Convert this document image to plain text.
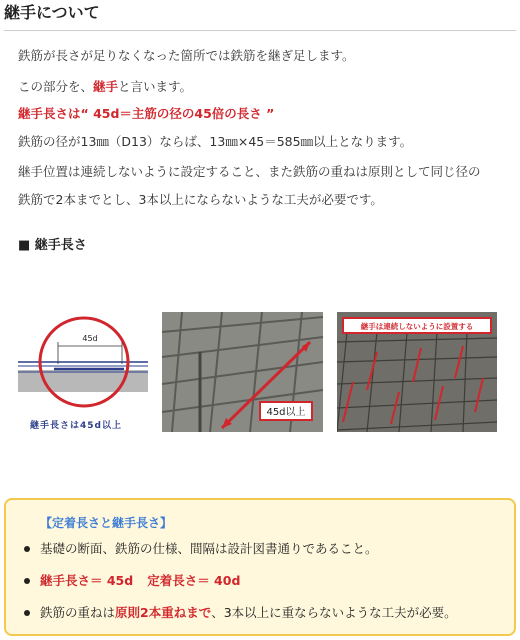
継手について
鉄筋が長さが足りなくなった箇所では鉄筋を継ぎ足します。
この部分を、継手と言います。
継手長さは“ 45d＝主筋の径の45倍の長さ ”
鉄筋の径が13㎜（D13）ならば、13㎜×45＝585㎜以上となります。
継手位置は連続しないように設定すること、また鉄筋の重ねは原則として同じ径の
鉄筋で2本までとし、3本以上にならないような工夫が必要です。
■ 継手長さ
45d
継手長さは45d以上
45d以上
継手は連続しないように設置する
【定着長さと継手長さ】
基礎の断面、鉄筋の仕様、間隔は設計図書通りであること。
継手長さ＝ 45d 定着長さ＝ 40d
鉄筋の重ねは原則2本重ねまで、3本以上に重ならないような工夫が必要。
